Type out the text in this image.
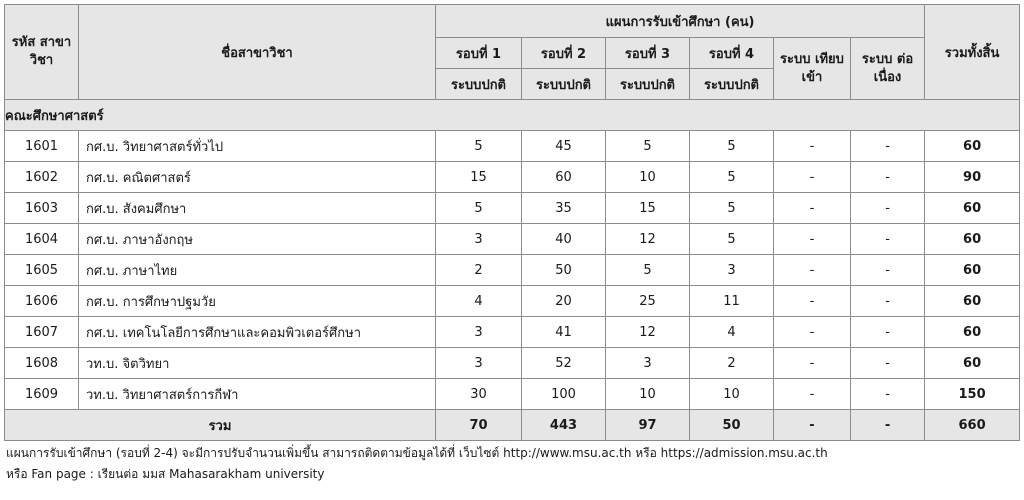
รหัส สาขาวิชา	ชื่อสาขาวิชา	แผนการรับเข้าศึกษา (คน)						รวมทั้งสิ้น
		รอบที่ 1	รอบที่ 2	รอบที่ 3	รอบที่ 4	ระบบ เทียบเข้า	ระบบ ต่อเนื่อง	
		ระบบปกติ	ระบบปกติ	ระบบปกติ	ระบบปกติ			
คณะศึกษาศาสตร์								
1601	กศ.บ. วิทยาศาสตร์ทั่วไป	5	45	5	5	-	-	60
1602	กศ.บ. คณิตศาสตร์	15	60	10	5	-	-	90
1603	กศ.บ. สังคมศึกษา	5	35	15	5	-	-	60
1604	กศ.บ. ภาษาอังกฤษ	3	40	12	5	-	-	60
1605	กศ.บ. ภาษาไทย	2	50	5	3	-	-	60
1606	กศ.บ. การศึกษาปฐมวัย	4	20	25	11	-	-	60
1607	กศ.บ. เทคโนโลยีการศึกษาและคอมพิวเตอร์ศึกษา	3	41	12	4	-	-	60
1608	วท.บ. จิตวิทยา	3	52	3	2	-	-	60
1609	วท.บ. วิทยาศาสตร์การกีฬา	30	100	10	10	-	-	150
รวม		70	443	97	50	-	-	660
แผนการรับเข้าศึกษา (รอบที่ 2-4) จะมีการปรับจำนวนเพิ่มขึ้น สามารถติดตามข้อมูลได้ที่ เว็บไซต์ http://www.msu.ac.th หรือ https://admission.msu.ac.th
หรือ Fan page : เรียนต่อ มมส Mahasarakham university
